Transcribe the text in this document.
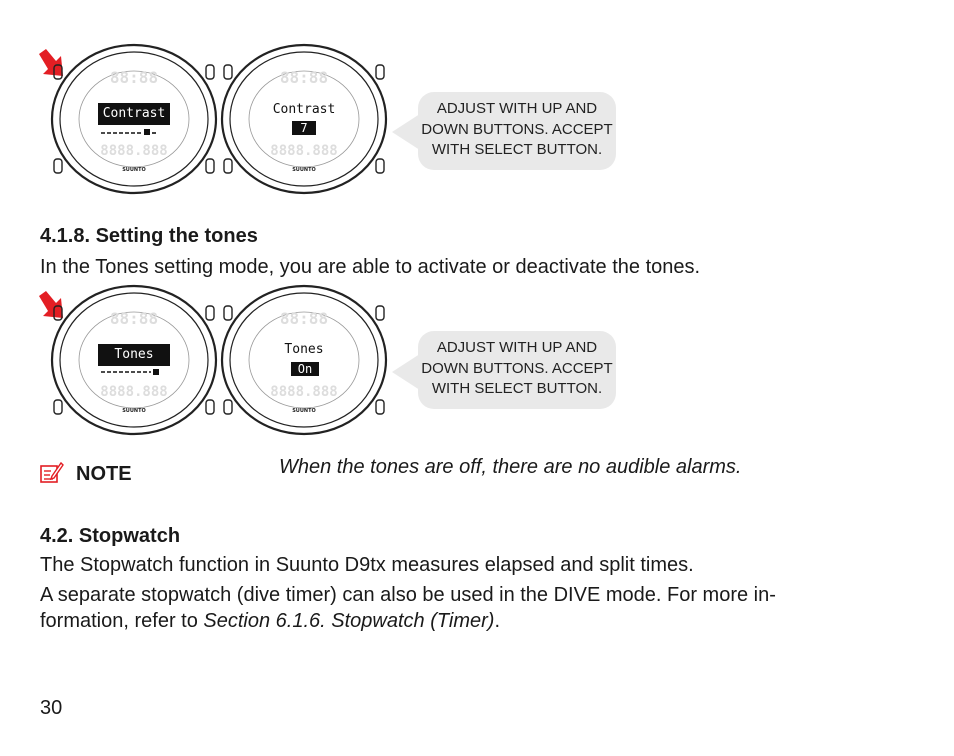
88:88
8888.888
SUUNTO
Contrast
88:88
8888.888
SUUNTO
Contrast
7
ADJUST WITH UP AND
DOWN BUTTONS. ACCEPT
WITH SELECT BUTTON.
4.1.8. Setting the tones
In the Tones setting mode, you are able to activate or deactivate the tones.
88:88
8888.888
SUUNTO
Tones
88:88
8888.888
SUUNTO
Tones
On
ADJUST WITH UP AND
DOWN BUTTONS. ACCEPT
WITH SELECT BUTTON.
NOTE	When the tones are off, there are no audible alarms.
4.2. Stopwatch
The Stopwatch function in Suunto D9tx measures elapsed and split times.
A separate stopwatch (dive timer) can also be used in the DIVE mode. For more in-
formation, refer to Section 6.1.6. Stopwatch (Timer).
30
